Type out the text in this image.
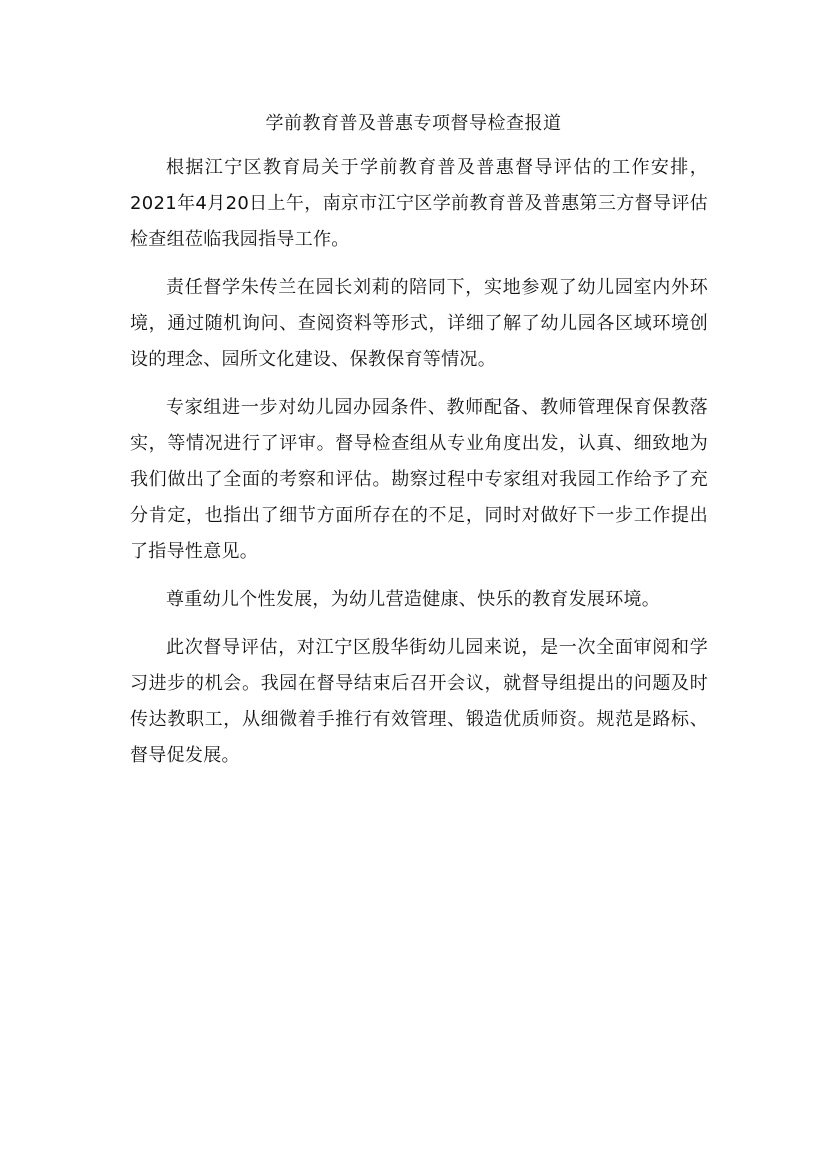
学前教育普及普惠专项督导检查报道

根据江宁区教育局关于学前教育普及普惠督导评估的工作安排，2021年4月20日上午，南京市江宁区学前教育普及普惠第三方督导评估检查组莅临我园指导工作。

责任督学朱传兰在园长刘莉的陪同下，实地参观了幼儿园室内外环境，通过随机询问、查阅资料等形式，详细了解了幼儿园各区域环境创设的理念、园所文化建设、保教保育等情况。

专家组进一步对幼儿园办园条件、教师配备、教师管理保育保教落实，等情况进行了评审。督导检查组从专业角度出发，认真、细致地为我们做出了全面的考察和评估。勘察过程中专家组对我园工作给予了充分肯定，也指出了细节方面所存在的不足，同时对做好下一步工作提出了指导性意见。

尊重幼儿个性发展，为幼儿营造健康、快乐的教育发展环境。

此次督导评估，对江宁区殷华街幼儿园来说，是一次全面审阅和学习进步的机会。我园在督导结束后召开会议，就督导组提出的问题及时传达教职工，从细微着手推行有效管理、锻造优质师资。规范是路标、督导促发展。
